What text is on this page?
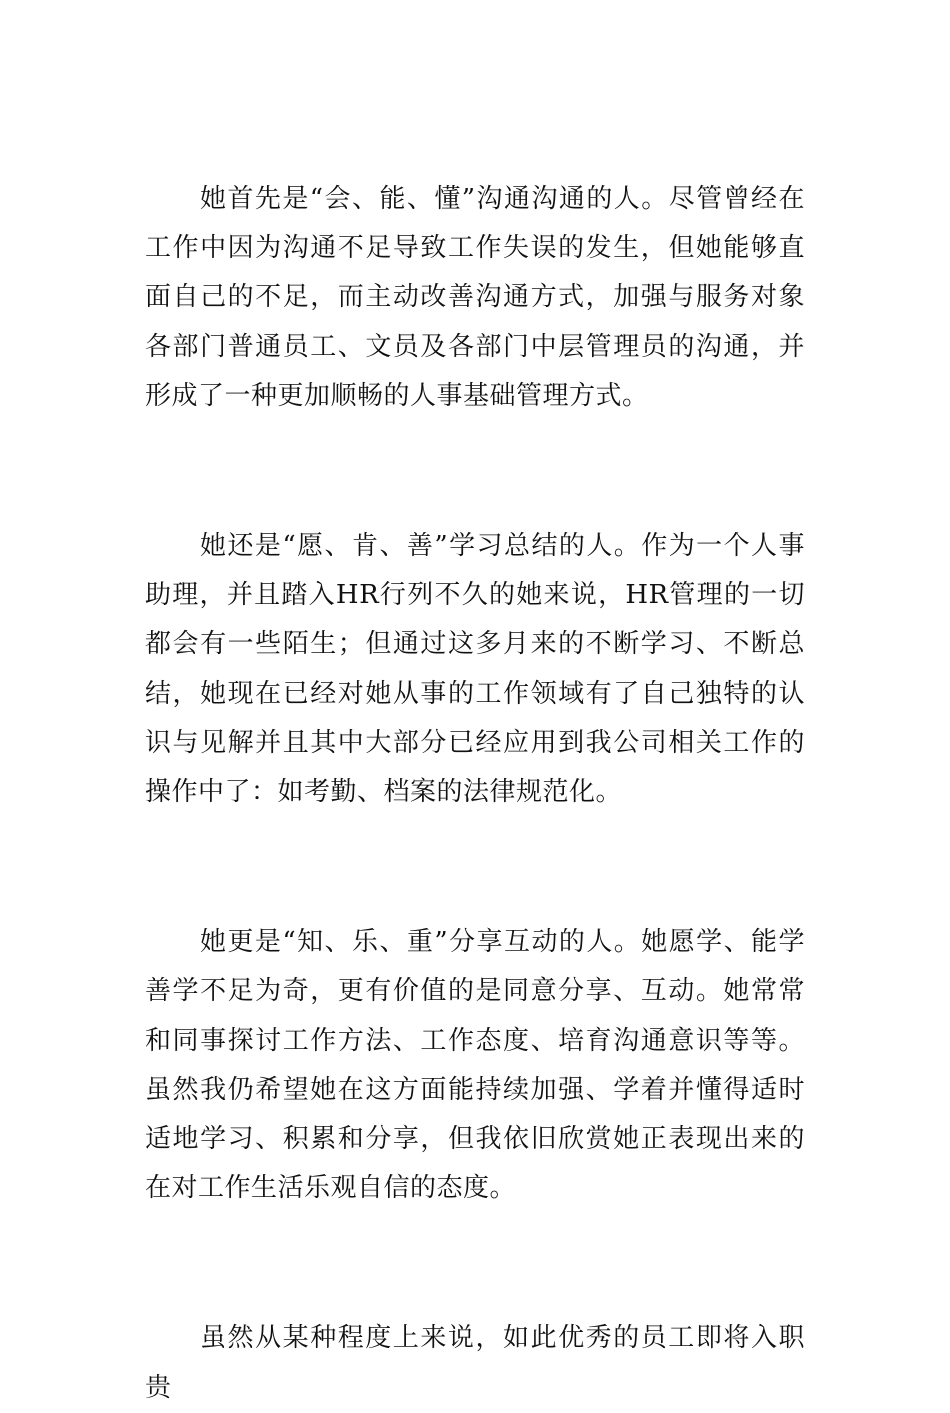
她首先是“会、能、懂”沟通沟通的人。尽管曾经在工作中因为沟通不足导致工作失误的发生，但她能够直面自己的不足，而主动改善沟通方式，加强与服务对象各部门普通员工、文员及各部门中层管理员的沟通，并形成了一种更加顺畅的人事基础管理方式。

她还是“愿、肯、善”学习总结的人。作为一个人事助理，并且踏入HR行列不久的她来说，HR管理的一切都会有一些陌生；但通过这多月来的不断学习、不断总结，她现在已经对她从事的工作领域有了自己独特的认识与见解并且其中大部分已经应用到我公司相关工作的操作中了：如考勤、档案的法律规范化。

她更是“知、乐、重”分享互动的人。她愿学、能学善学不足为奇，更有价值的是同意分享、互动。她常常和同事探讨工作方法、工作态度、培育沟通意识等等。虽然我仍希望她在这方面能持续加强、学着并懂得适时适地学习、积累和分享，但我依旧欣赏她正表现出来的在对工作生活乐观自信的态度。

虽然从某种程度上来说，如此优秀的员工即将入职贵
